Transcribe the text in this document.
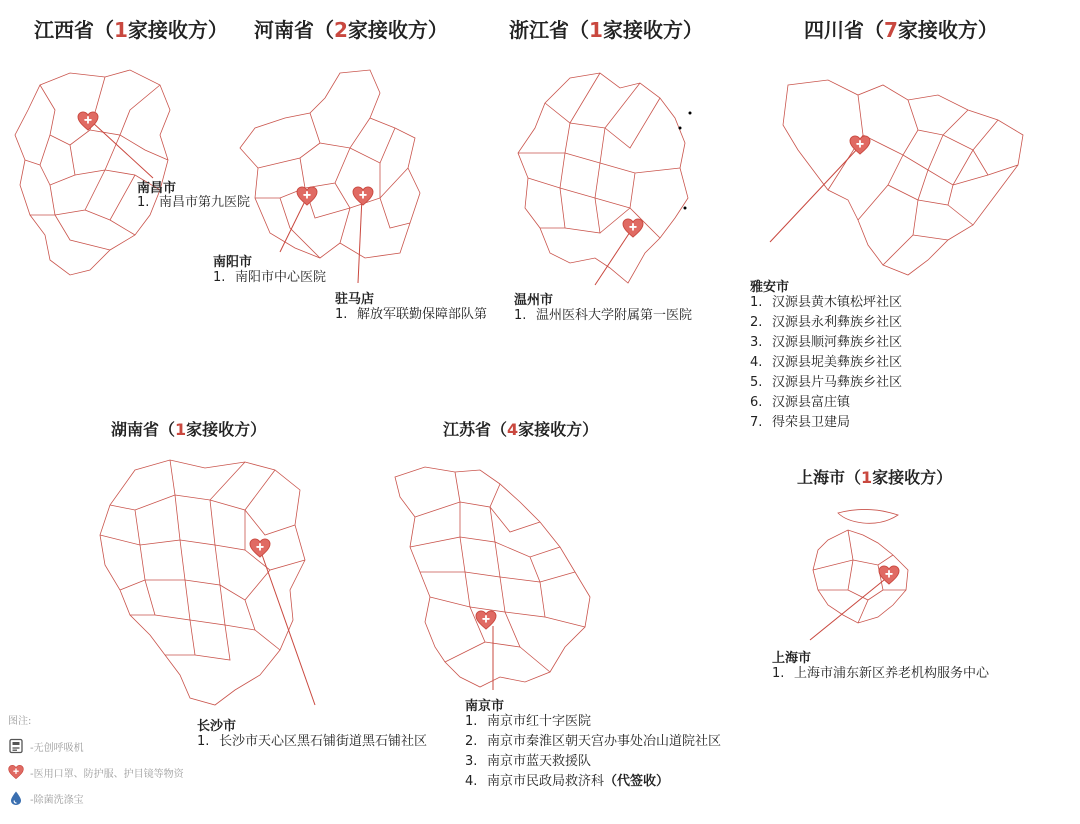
江西省（1家接收方） 河南省（2家接收方）	浙江省（1家接收方）	四川省（7家接收方）
湖南省（1家接收方）	江苏省（4家接收方）
上海市（1家接收方）
南昌市
1. 南昌市第九医院
南阳市
1. 南阳市中心医院
驻马店
1. 解放军联勤保障部队第
温州市
1. 温州医科大学附属第一医院
雅安市
1. 汉源县黄木镇松坪社区
2. 汉源县永利彝族乡社区
3. 汉源县顺河彝族乡社区
4. 汉源县坭美彝族乡社区
5. 汉源县片马彝族乡社区
6. 汉源县富庄镇
7. 得荣县卫建局
长沙市
1. 长沙市天心区黑石铺街道黑石铺社区
南京市
1. 南京市红十字医院
2. 南京市秦淮区朝天宫办事处冶山道院社区
3. 南京市蓝天救援队
4. 南京市民政局救济科（代签收）
上海市
1. 上海市浦东新区养老机构服务中心
图注:
-无创呼吸机
-医用口罩、防护服、护目镜等物资
-除菌洗涤宝
